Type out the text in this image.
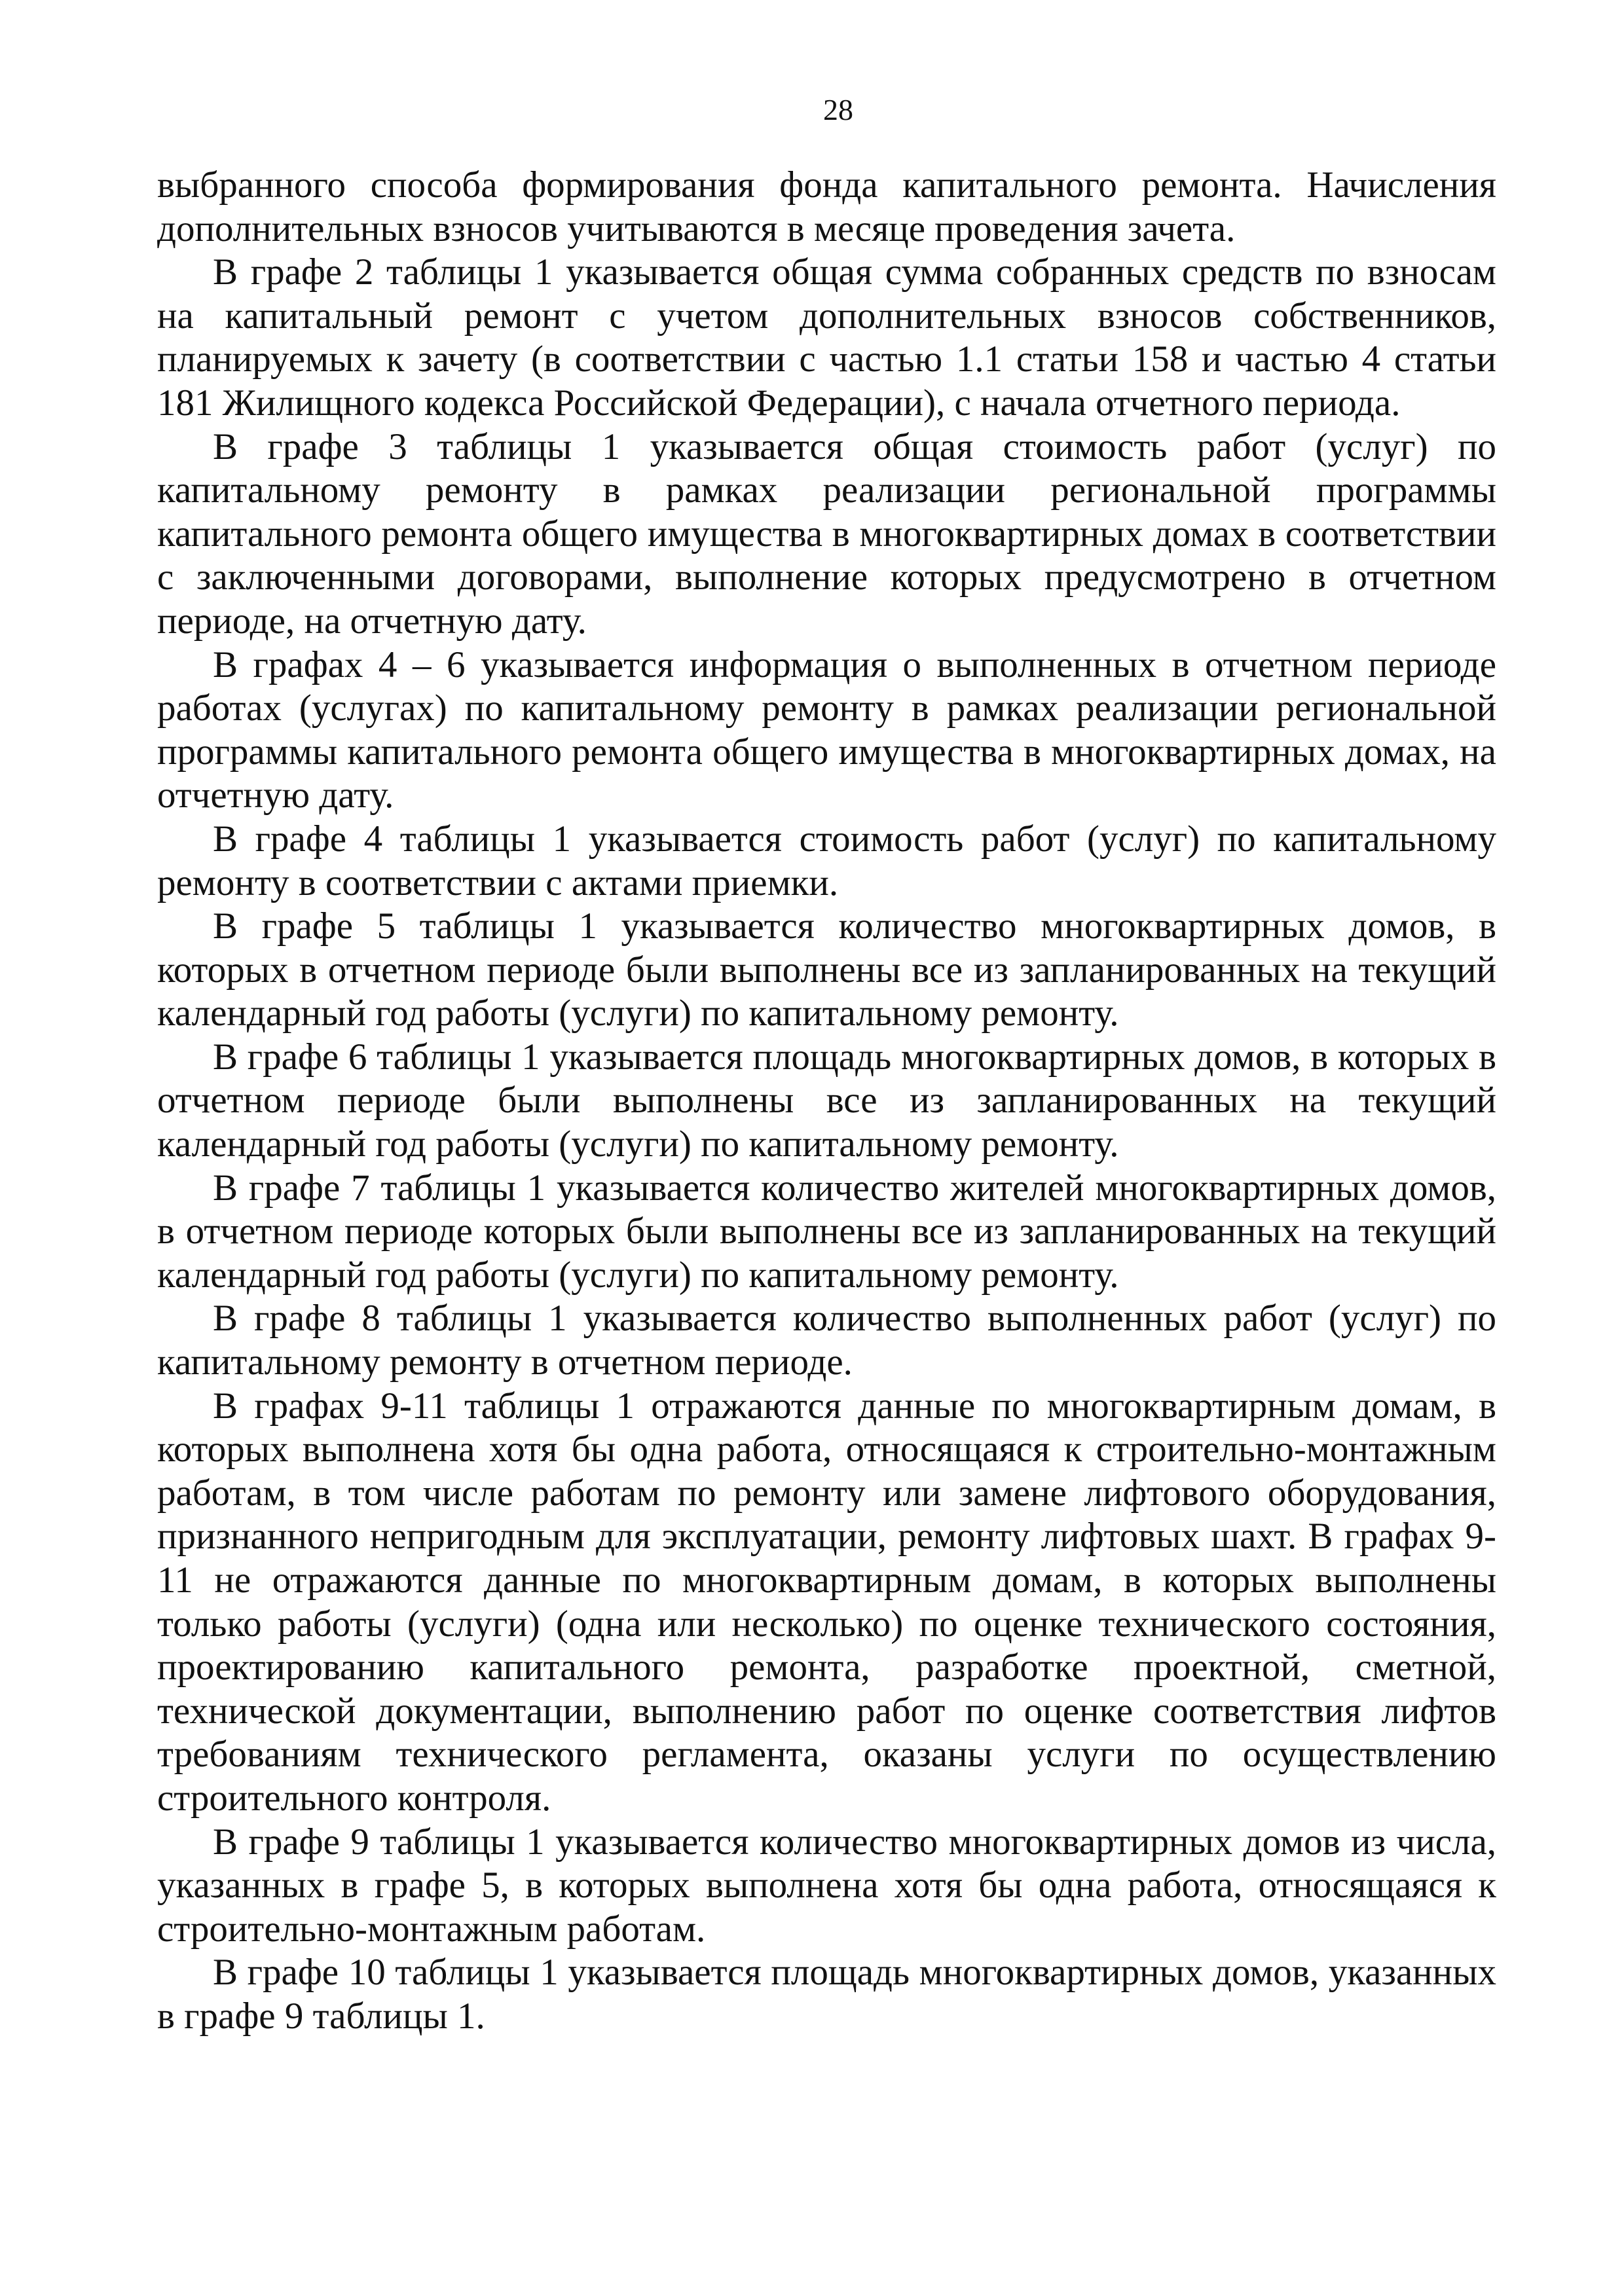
28

выбранного способа формирования фонда капитального ремонта. Начисления дополнительных взносов учитываются в месяце проведения зачета.

В графе 2 таблицы 1 указывается общая сумма собранных средств по взносам на капитальный ремонт с учетом дополнительных взносов собственников, планируемых к зачету (в соответствии с частью 1.1 статьи 158 и частью 4 статьи 181 Жилищного кодекса Российской Федерации), с начала отчетного периода.

В графе 3 таблицы 1 указывается общая стоимость работ (услуг) по капитальному ремонту в рамках реализации региональной программы капитального ремонта общего имущества в многоквартирных домах в соответствии с заключенными договорами, выполнение которых предусмотрено в отчетном периоде, на отчетную дату.

В графах 4 – 6 указывается информация о выполненных в отчетном периоде работах (услугах) по капитальному ремонту в рамках реализации региональной программы капитального ремонта общего имущества в многоквартирных домах, на отчетную дату.

В графе 4 таблицы 1 указывается стоимость работ (услуг) по капитальному ремонту в соответствии с актами приемки.

В графе 5 таблицы 1 указывается количество многоквартирных домов, в которых в отчетном периоде были выполнены все из запланированных на текущий календарный год работы (услуги) по капитальному ремонту.

В графе 6 таблицы 1 указывается площадь многоквартирных домов, в которых в отчетном периоде были выполнены все из запланированных на текущий календарный год работы (услуги) по капитальному ремонту.

В графе 7 таблицы 1 указывается количество жителей многоквартирных домов, в отчетном периоде которых были выполнены все из запланированных на текущий календарный год работы (услуги) по капитальному ремонту.

В графе 8 таблицы 1 указывается количество выполненных работ (услуг) по капитальному ремонту в отчетном периоде.

В графах 9-11 таблицы 1 отражаются данные по многоквартирным домам, в которых выполнена хотя бы одна работа, относящаяся к строительно-монтажным работам, в том числе работам по ремонту или замене лифтового оборудования, признанного непригодным для эксплуатации, ремонту лифтовых шахт. В графах 9-11 не отражаются данные по многоквартирным домам, в которых выполнены только работы (услуги) (одна или несколько) по оценке технического состояния, проектированию капитального ремонта, разработке проектной, сметной, технической документации, выполнению работ по оценке соответствия лифтов требованиям технического регламента, оказаны услуги по осуществлению строительного контроля.

В графе 9 таблицы 1 указывается количество многоквартирных домов из числа, указанных в графе 5, в которых выполнена хотя бы одна работа, относящаяся к строительно-монтажным работам.

В графе 10 таблицы 1 указывается площадь многоквартирных домов, указанных в графе 9 таблицы 1.
